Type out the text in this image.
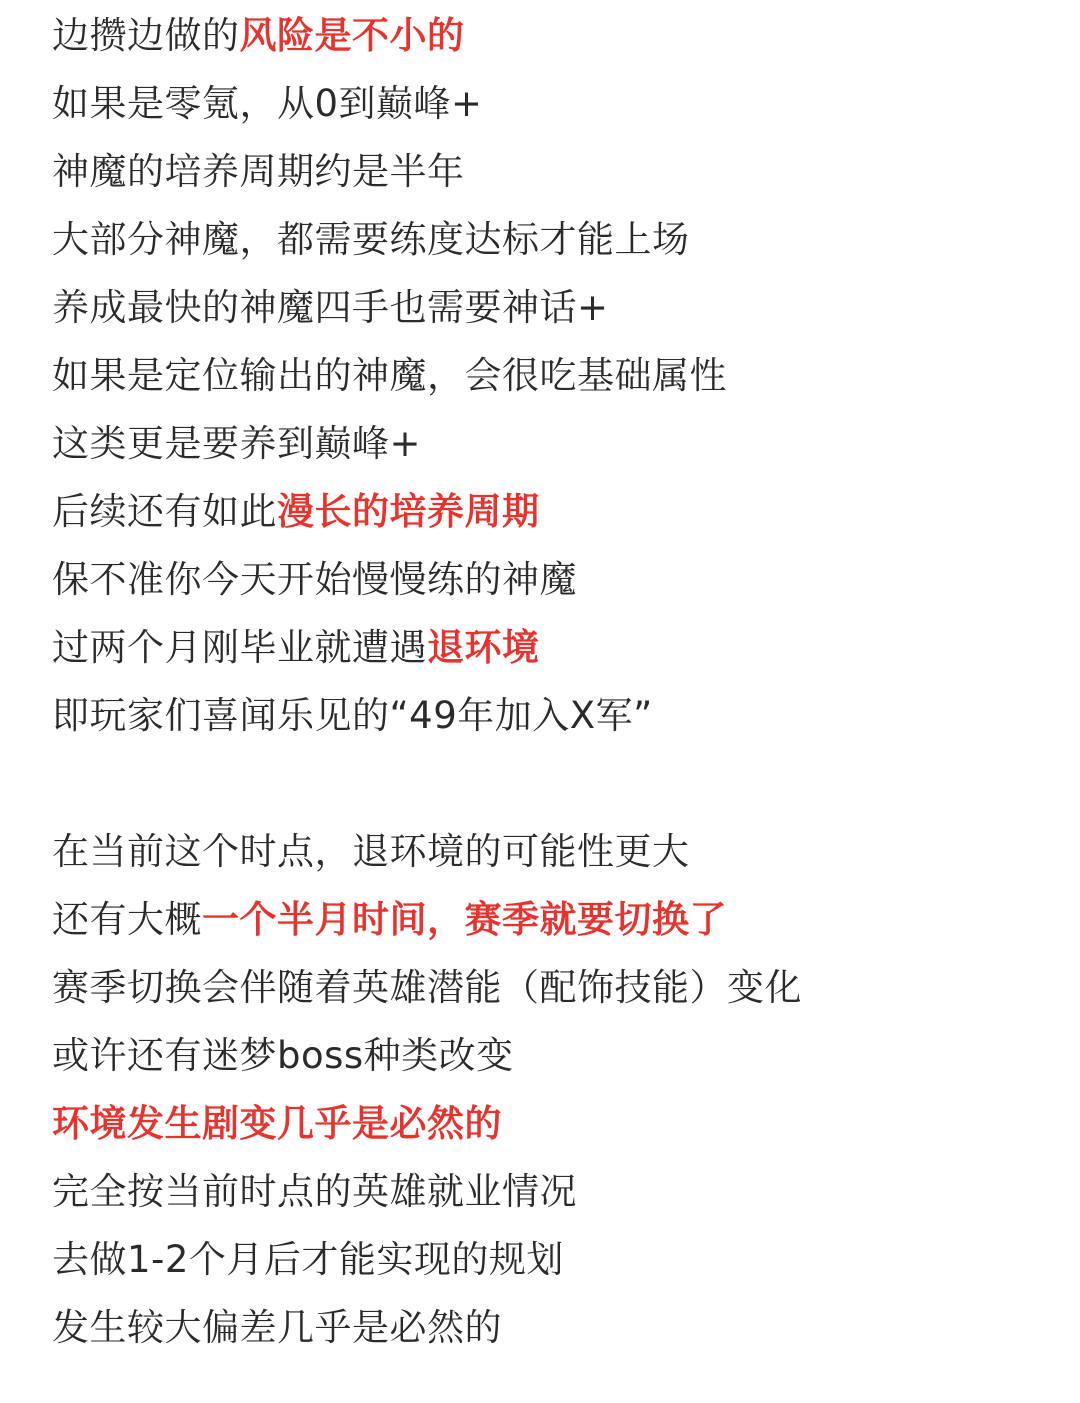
边攒边做的风险是不小的
如果是零氪，从0到巅峰+
神魔的培养周期约是半年
大部分神魔，都需要练度达标才能上场
养成最快的神魔四手也需要神话+
如果是定位输出的神魔，会很吃基础属性
这类更是要养到巅峰+
后续还有如此漫长的培养周期
保不准你今天开始慢慢练的神魔
过两个月刚毕业就遭遇退环境
即玩家们喜闻乐见的“49年加入X军”
在当前这个时点，退环境的可能性更大
还有大概一个半月时间，赛季就要切换了
赛季切换会伴随着英雄潜能（配饰技能）变化
或许还有迷梦boss种类改变
环境发生剧变几乎是必然的
完全按当前时点的英雄就业情况
去做1-2个月后才能实现的规划
发生较大偏差几乎是必然的
